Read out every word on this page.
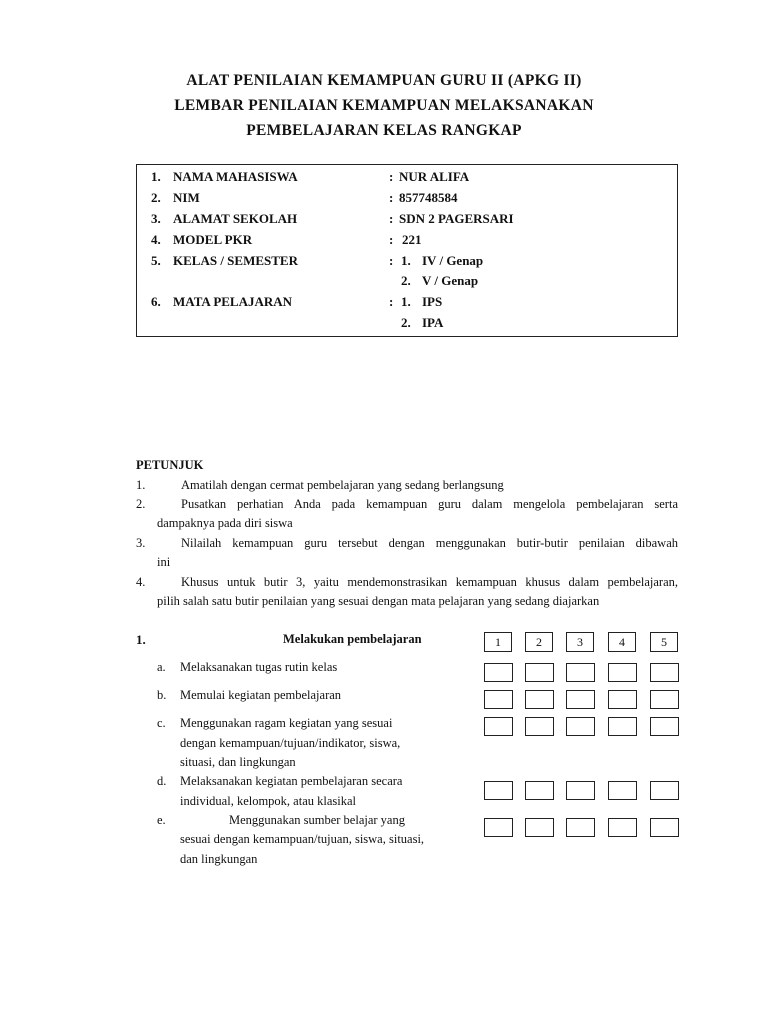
ALAT PENILAIAN KEMAMPUAN GURU II (APKG II)
LEMBAR PENILAIAN KEMAMPUAN MELAKSANAKAN
PEMBELAJARAN KELAS RANGKAP
1. NAMA MAHASISWA	: NUR ALIFA
2. NIM	: 857748584
3. ALAMAT SEKOLAH	: SDN 2 PAGERSARI
4. MODEL PKR	: 221
5. KELAS / SEMESTER	: 1. IV / Genap
2. V / Genap
6. MATA PELAJARAN	: 1. IPS
2. IPA
PETUNJUK
1.	Amatilah dengan cermat pembelajaran yang sedang berlangsung
2.	Pusatkan perhatian Anda pada kemampuan guru dalam mengelola pembelajaran serta
dampaknya pada diri siswa
3.	Nilailah kemampuan guru tersebut dengan menggunakan butir-butir penilaian dibawah
ini
4.	Khusus untuk butir 3, yaitu mendemonstrasikan kemampuan khusus dalam pembelajaran,
pilih salah satu butir penilaian yang sesuai dengan mata pelajaran yang sedang diajarkan
1.	Melakukan pembelajaran	1	2	3	4	5
a. Melaksanakan tugas rutin kelas
b. Memulai kegiatan pembelajaran
c. Menggunakan ragam kegiatan yang sesuai
dengan kemampuan/tujuan/indikator, siswa,
situasi, dan lingkungan
d. Melaksanakan kegiatan pembelajaran secara
individual, kelompok, atau klasikal
e.	Menggunakan sumber belajar yang
sesuai dengan kemampuan/tujuan, siswa, situasi,
dan lingkungan
